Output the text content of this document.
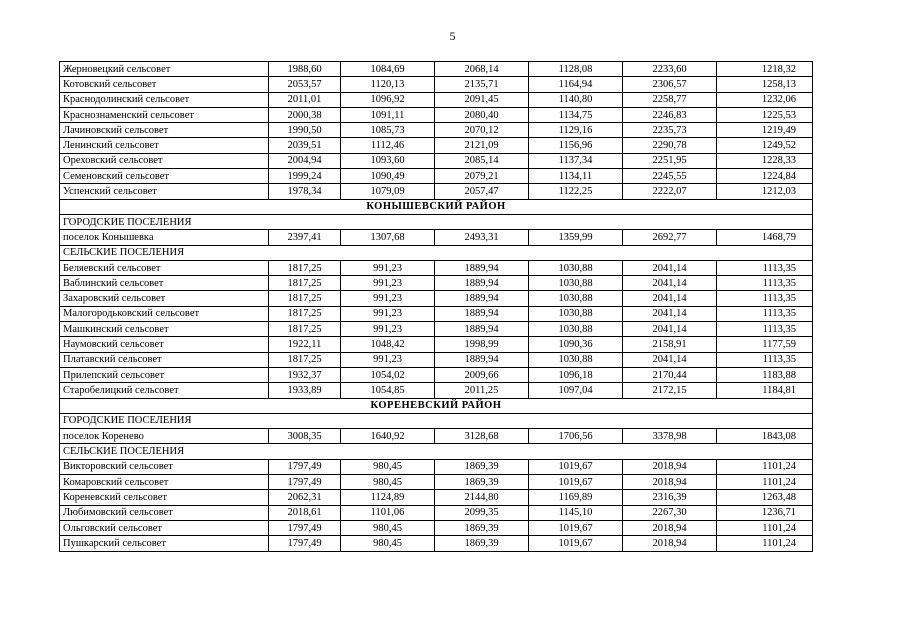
5
Жерновецкий сельсовет	1988,60	1084,69	2068,14	1128,08	2233,60	1218,32
Котовский сельсовет	2053,57	1120,13	2135,71	1164,94	2306,57	1258,13
Краснодолинский сельсовет	2011,01	1096,92	2091,45	1140,80	2258,77	1232,06
Краснознаменский сельсовет	2000,38	1091,11	2080,40	1134,75	2246,83	1225,53
Лачиновский сельсовет	1990,50	1085,73	2070,12	1129,16	2235,73	1219,49
Ленинский сельсовет	2039,51	1112,46	2121,09	1156,96	2290,78	1249,52
Ореховский сельсовет	2004,94	1093,60	2085,14	1137,34	2251,95	1228,33
Семеновский сельсовет	1999,24	1090,49	2079,21	1134,11	2245,55	1224,84
Успенский сельсовет	1978,34	1079,09	2057,47	1122,25	2222,07	1212,03
КОНЫШЕВСКИЙ РАЙОН						
ГОРОДСКИЕ ПОСЕЛЕНИЯ						
поселок Конышевка	2397,41	1307,68	2493,31	1359,99	2692,77	1468,79
СЕЛЬСКИЕ ПОСЕЛЕНИЯ						
Беляевский сельсовет	1817,25	991,23	1889,94	1030,88	2041,14	1113,35
Ваблинский сельсовет	1817,25	991,23	1889,94	1030,88	2041,14	1113,35
Захаровский сельсовет	1817,25	991,23	1889,94	1030,88	2041,14	1113,35
Малогородьковский сельсовет	1817,25	991,23	1889,94	1030,88	2041,14	1113,35
Машкинский сельсовет	1817,25	991,23	1889,94	1030,88	2041,14	1113,35
Наумовский сельсовет	1922,11	1048,42	1998,99	1090,36	2158,91	1177,59
Платавский сельсовет	1817,25	991,23	1889,94	1030,88	2041,14	1113,35
Прилепский сельсовет	1932,37	1054,02	2009,66	1096,18	2170,44	1183,88
Старобелицкий сельсовет	1933,89	1054,85	2011,25	1097,04	2172,15	1184,81
КОРЕНЕВСКИЙ РАЙОН						
ГОРОДСКИЕ ПОСЕЛЕНИЯ						
поселок Коренево	3008,35	1640,92	3128,68	1706,56	3378,98	1843,08
СЕЛЬСКИЕ ПОСЕЛЕНИЯ						
Викторовский сельсовет	1797,49	980,45	1869,39	1019,67	2018,94	1101,24
Комаровский сельсовет	1797,49	980,45	1869,39	1019,67	2018,94	1101,24
Кореневский сельсовет	2062,31	1124,89	2144,80	1169,89	2316,39	1263,48
Любимовский сельсовет	2018,61	1101,06	2099,35	1145,10	2267,30	1236,71
Ольговский сельсовет	1797,49	980,45	1869,39	1019,67	2018,94	1101,24
Пушкарский сельсовет	1797,49	980,45	1869,39	1019,67	2018,94	1101,24
